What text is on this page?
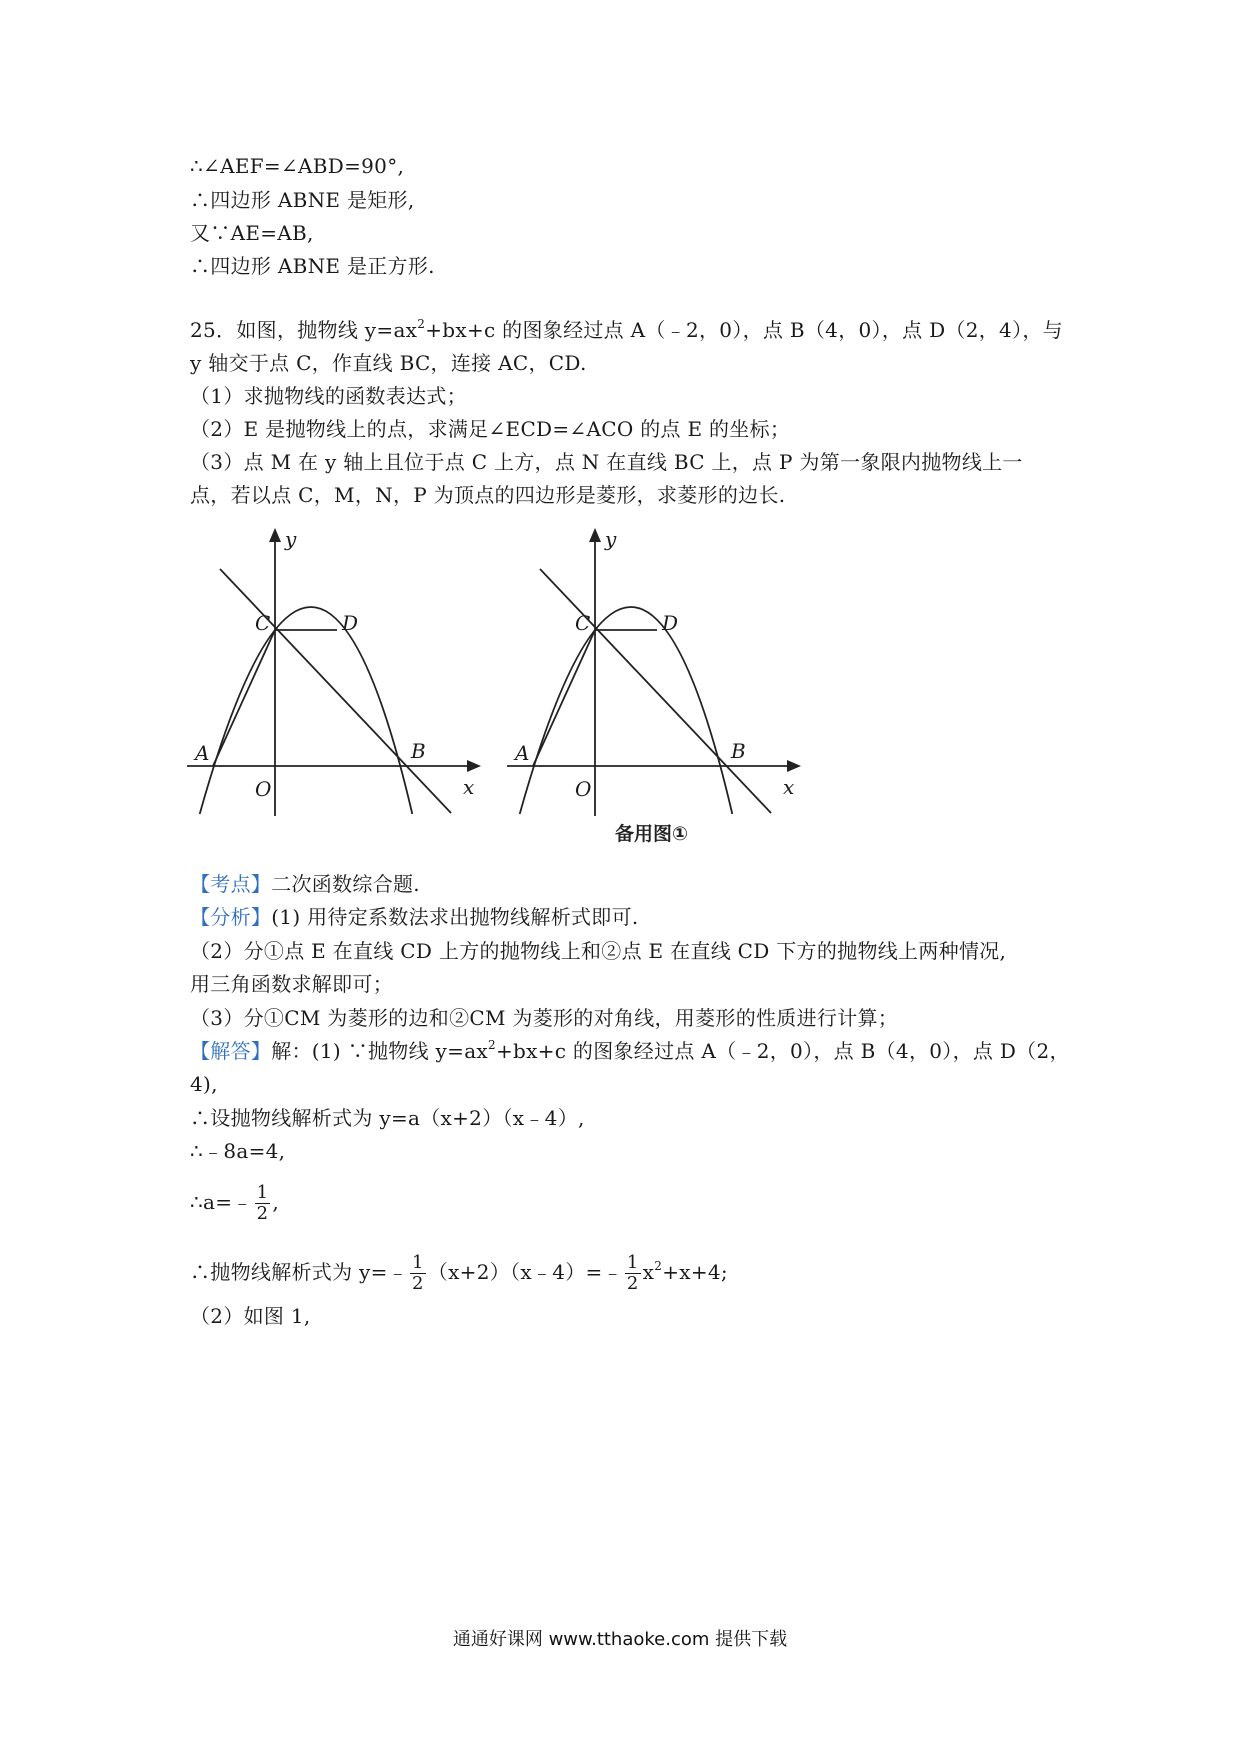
∴∠AEF=∠ABD=90°,
∴四边形 ABNE 是矩形,
又∵AE=AB,
∴四边形 ABNE 是正方形.
25．如图，抛物线 $y=ax^2+bx+c$ 的图象经过点 A（﹣2，0），点 B（4，0），点 D（2，4），与
y 轴交于点 C，作直线 BC，连接 AC，CD.
（1）求抛物线的函数表达式；
（2）E 是抛物线上的点，求满足∠ECD=∠ACO 的点 E 的坐标；
（3）点 M 在 y 轴上且位于点 C 上方，点 N 在直线 BC 上，点 P 为第一象限内抛物线上一
点，若以点 C，M，N，P 为顶点的四边形是菱形，求菱形的边长.
y
x
O
A	B
C	D
y
x
O
A	B
C	D
备用图①
【考点】二次函数综合题.
【分析】(1) 用待定系数法求出抛物线解析式即可.
（2）分①点 E 在直线 CD 上方的抛物线上和②点 E 在直线 CD 下方的抛物线上两种情况,
用三角函数求解即可；
（3）分①CM 为菱形的边和②CM 为菱形的对角线，用菱形的性质进行计算；
【解答】解：(1) ∵抛物线 $y=ax^2+bx+c$ 的图象经过点 A（﹣2，0），点 B（4，0），点 D（2，
4),
∴设抛物线解析式为 y=a（x+2）（x﹣4）,
∴﹣8a=4,
∴a=﹣ $\frac{1}{2}$ ,
∴抛物线解析式为 y=﹣ $\frac{1}{2}$ （x+2）（x﹣4）=﹣ $\frac{1}{2} x^2+x+4$;
（2）如图 1,
通通好课网 www.tthaoke.com 提供下载
